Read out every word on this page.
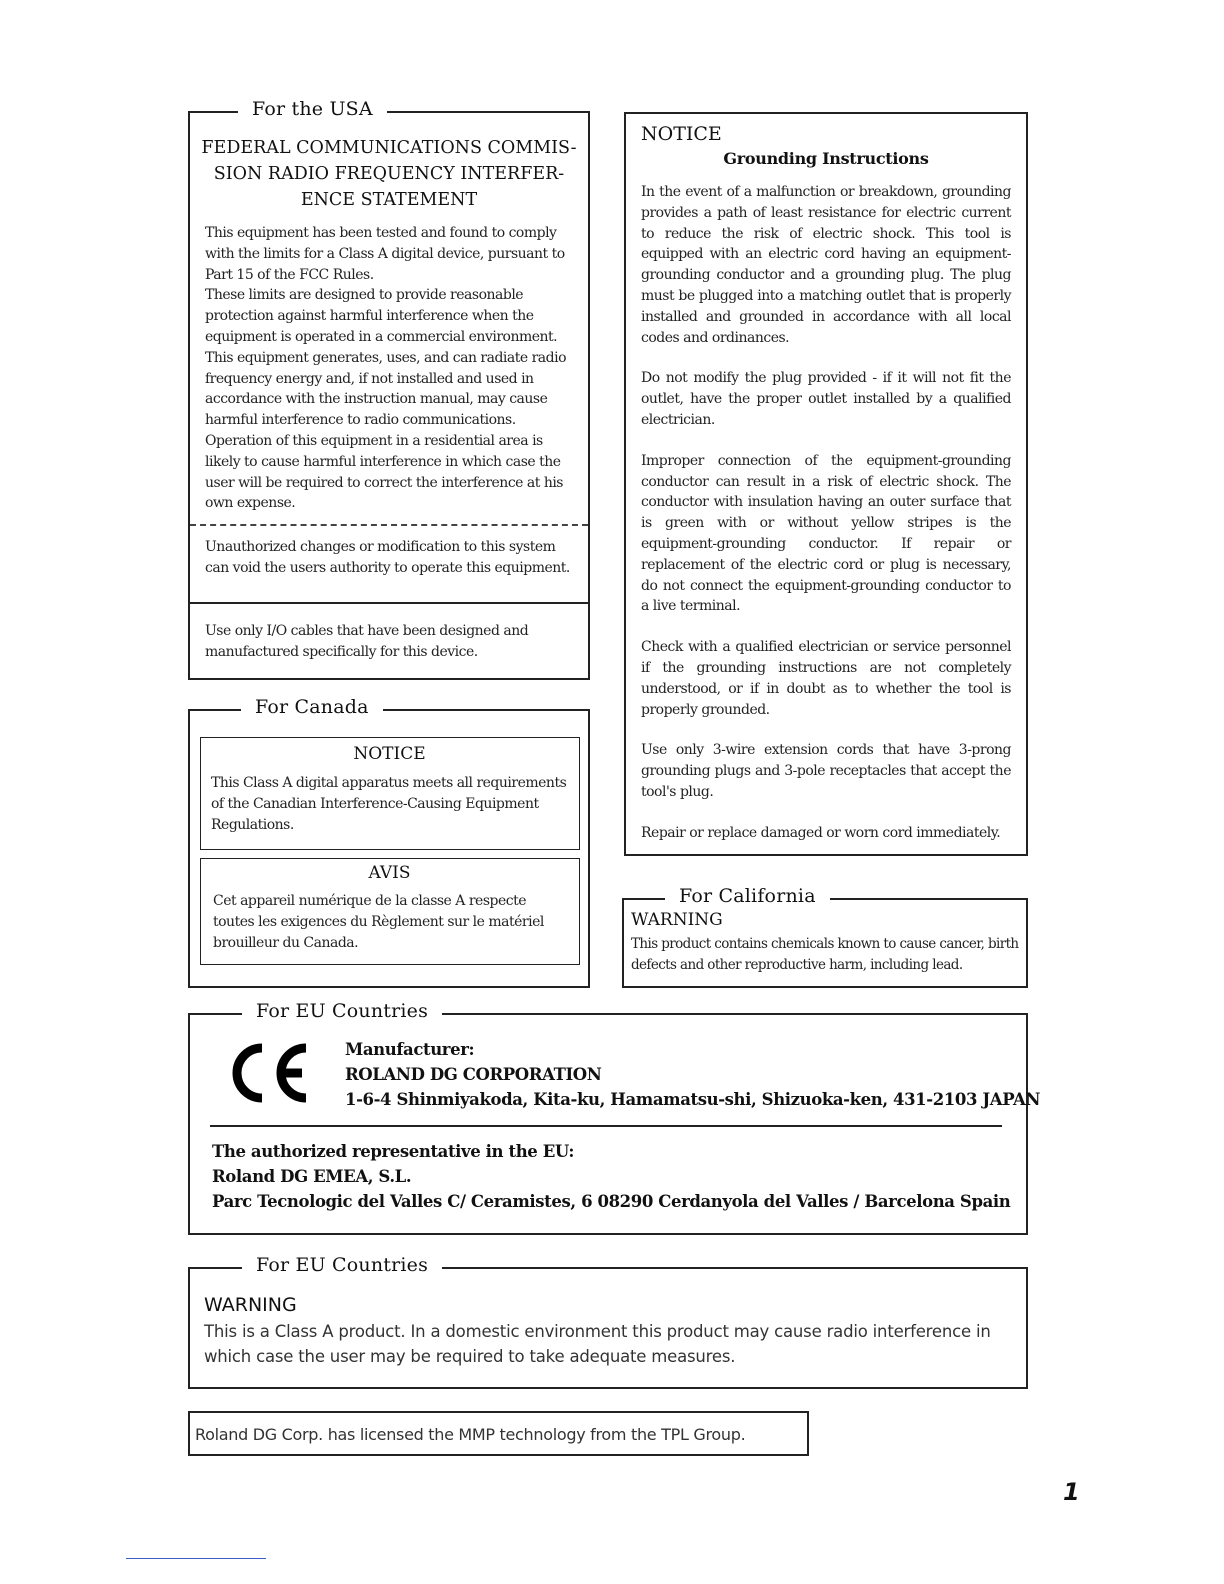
FEDERAL COMMUNICATIONS COMMIS-
SION RADIO FREQUENCY INTERFER-
ENCE STATEMENT

This equipment has been tested and found to comply with the limits for a Class A digital device, pursuant to Part 15 of the FCC Rules.

These limits are designed to provide reasonable protection against harmful interference when the equipment is operated in a commercial environment.

This equipment generates, uses, and can radiate radio frequency energy and, if not installed and used in accordance with the instruction manual, may cause harmful interference to radio communications.

Operation of this equipment in a residential area is likely to cause harmful interference in which case the user will be required to correct the interference at his own expense.

Unauthorized changes or modification to this system can void the users authority to operate this equipment.

Use only I/O cables that have been designed and manufactured specifically for this device.

For the USA
NOTICE
Grounding Instructions

In the event of a malfunction or breakdown, grounding provides a path of least resistance for electric current to reduce the risk of electric shock. This tool is equipped with an electric cord having an equipment-grounding conductor and a grounding plug. The plug must be plugged into a matching outlet that is properly installed and grounded in accordance with all local codes and ordinances.

Do not modify the plug provided - if it will not fit the outlet, have the proper outlet installed by a qualified electrician.

Improper connection of the equipment-grounding conductor can result in a risk of electric shock. The conductor with insulation having an outer surface that is green with or without yellow stripes is the equipment-grounding conductor. If repair or replacement of the electric cord or plug is necessary, do not connect the equipment-grounding conductor to a live terminal.

Check with a qualified electrician or service personnel if the grounding instructions are not completely understood, or if in doubt as to whether the tool is properly grounded.

Use only 3-wire extension cords that have 3-prong grounding plugs and 3-pole receptacles that accept the tool's plug.

Repair or replace damaged or worn cord immediately.

NOTICE

This Class A digital apparatus meets all requirements of the Canadian Interference-Causing Equipment Regulations.

AVIS

Cet appareil numérique de la classe A respecte toutes les exigences du Règlement sur le matériel brouilleur du Canada.

For Canada
WARNING

This product contains chemicals known to cause cancer, birth defects and other reproductive harm, including lead.

For California
Manufacturer:
ROLAND DG CORPORATION
1-6-4 Shinmiyakoda, Kita-ku, Hamamatsu-shi, Shizuoka-ken, 431-2103 JAPAN
The authorized representative in the EU:
Roland DG EMEA, S.L.
Parc Tecnologic del Valles C/ Ceramistes, 6 08290 Cerdanyola del Valles / Barcelona Spain
For EU Countries
WARNING

This is a Class A product. In a domestic environment this product may cause radio interference in which case the user may be required to take adequate measures.

For EU Countries
Roland DG Corp. has licensed the MMP technology from the TPL Group.
1
